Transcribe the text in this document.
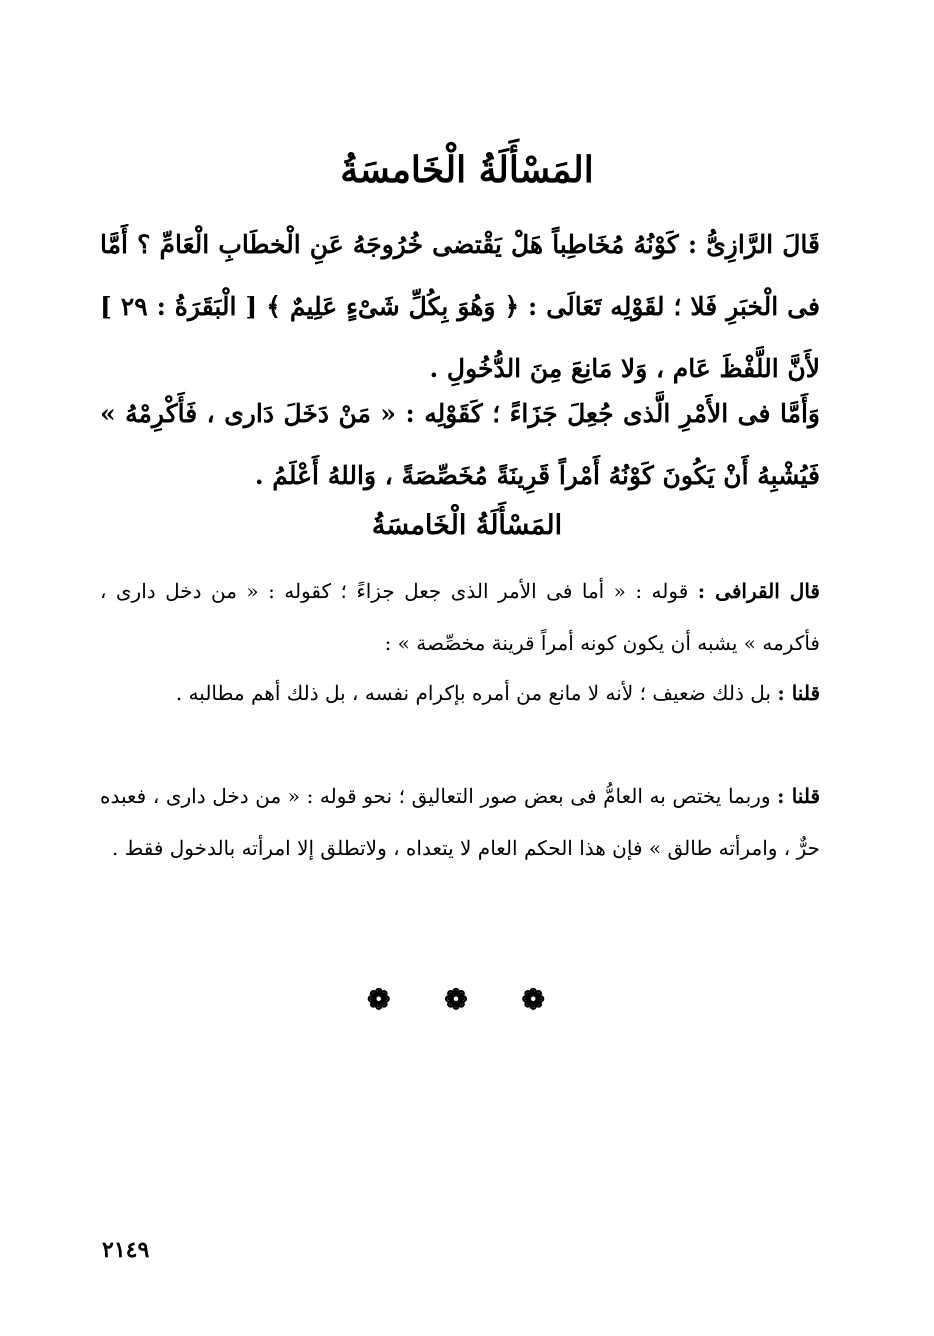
المَسْأَلَةُ الْخَامسَةُ

قَالَ الرَّازِىُّ : كَوْنُهُ مُخَاطِباً هَلْ يَقْتضى خُرُوجَهُ عَنِ الْخطَابِ الْعَامِّ ؟ أَمَّا فى الْخبَرِ فَلا ؛ لقَوْلِه تَعَالَى : ﴿ وَهُوَ بِكُلِّ شَىْءٍ عَلِيمٌ ﴾ [ الْبَقَرَةُ : ٢٩ ] لأَنَّ اللَّفْظَ عَام ، وَلا مَانِعَ مِنَ الدُّخُولِ .

وَأَمَّا فى الأَمْرِ الَّذى جُعِلَ جَزَاءً ؛ كَقَوْلِه : « مَنْ دَخَلَ دَارى ، فَأَكْرِمْهُ » فَيُشْبِهُ أَنْ يَكُونَ كَوْنُهُ أَمْراً قَرِينَةً مُخَصِّصَةً ، وَاللهُ أَعْلَمُ .

المَسْأَلَةُ الْخَامسَةُ

قال القرافى : قوله : « أما فى الأمر الذى جعل جزاءً ؛ كقوله : « من دخل دارى ، فأكرمه » يشبه أن يكون كونه أمراً قرينة مخصِّصة » :

قلنا : بل ذلك ضعيف ؛ لأنه لا مانع من أمره بإكرام نفسه ، بل ذلك أهم مطالبه .

قلنا : وربما يختص به العامُّ فى بعض صور التعاليق ؛ نحو قوله : « من دخل دارى ، فعبده حرٌّ ، وامرأته طالق » فإن هذا الحكم العام لا يتعداه ، ولاتطلق إلا امرأته بالدخول فقط .

❁ ❁ ❁
٢١٤٩
